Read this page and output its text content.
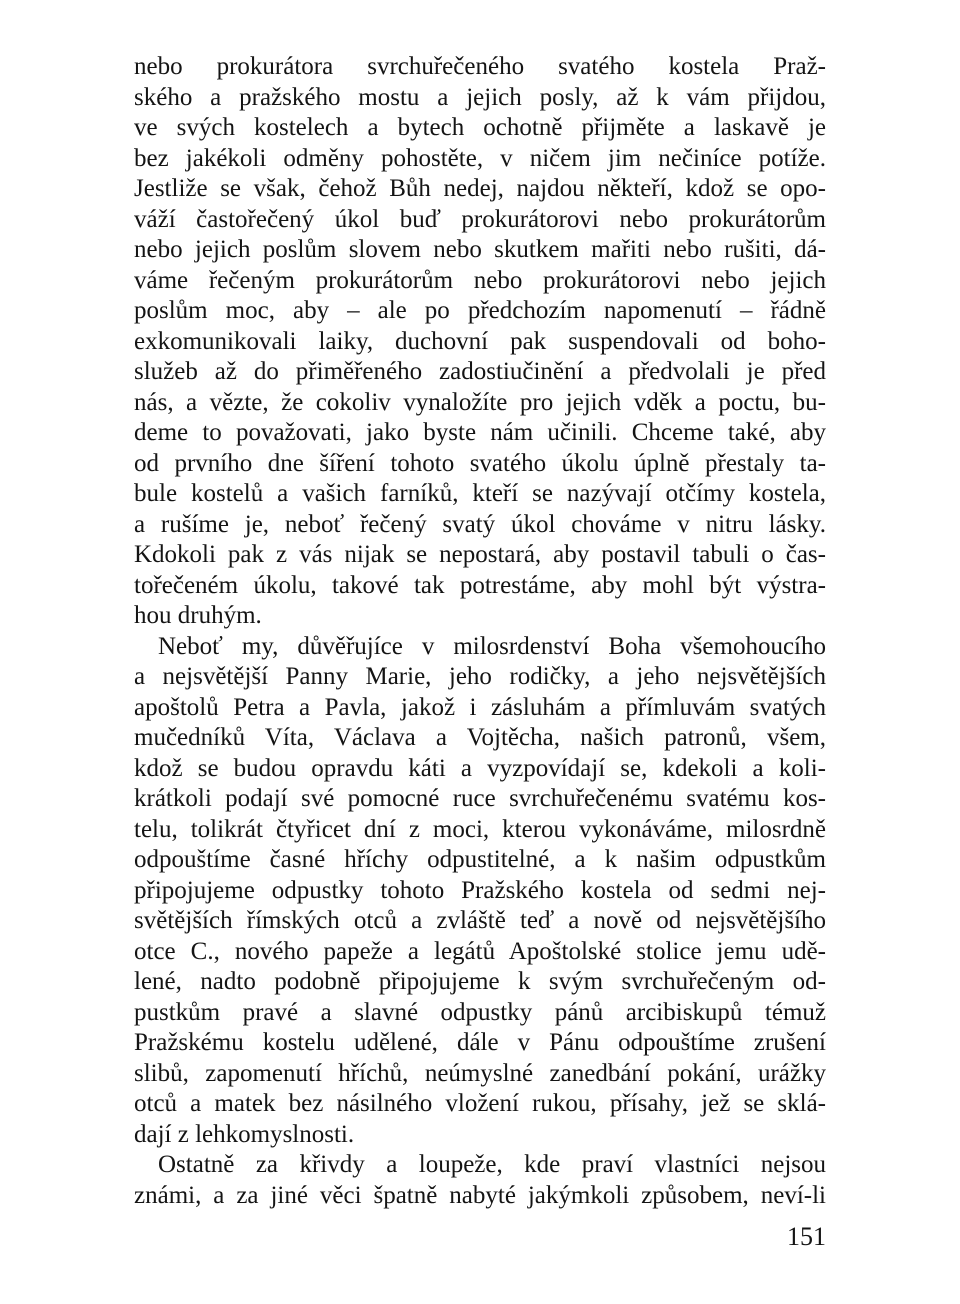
nebo prokurátora svrchuřečeného svatého kostela Praž-
ského a pražského mostu a jejich posly, až k vám přijdou,
ve svých kostelech a bytech ochotně přijměte a laskavě je
bez jakékoli odměny pohostěte, v ničem jim nečiníce potíže.
Jestliže se však, čehož Bůh nedej, najdou někteří, kdož se opo-
váží častořečený úkol buď prokurátorovi nebo prokurátorům
nebo jejich poslům slovem nebo skutkem mařiti nebo rušiti, dá-
váme řečeným prokurátorům nebo prokurátorovi nebo jejich
poslům moc, aby – ale po předchozím napomenutí – řádně
exkomunikovali laiky, duchovní pak suspendovali od boho-
služeb až do přiměřeného zadostiučinění a předvolali je před
nás, a vězte, že cokoliv vynaložíte pro jejich vděk a poctu, bu-
deme to považovati, jako byste nám učinili. Chceme také, aby
od prvního dne šíření tohoto svatého úkolu úplně přestaly ta-
bule kostelů a vašich farníků, kteří se nazývají otčímy kostela,
a rušíme je, neboť řečený svatý úkol chováme v nitru lásky.
Kdokoli pak z vás nijak se nepostará, aby postavil tabuli o čas-
tořečeném úkolu, takové tak potrestáme, aby mohl být výstra-
hou druhým.
Neboť my, důvěřujíce v milosrdenství Boha všemohoucího
a nejsvětější Panny Marie, jeho rodičky, a jeho nejsvětějších
apoštolů Petra a Pavla, jakož i zásluhám a přímluvám svatých
mučedníků Víta, Václava a Vojtěcha, našich patronů, všem,
kdož se budou opravdu káti a vyzpovídají se, kdekoli a koli-
krátkoli podají své pomocné ruce svrchuřečenému svatému kos-
telu, tolikrát čtyřicet dní z moci, kterou vykonáváme, milosrdně
odpouštíme časné hříchy odpustitelné, a k našim odpustkům
připojujeme odpustky tohoto Pražského kostela od sedmi nej-
světějších římských otců a zvláště teď a nově od nejsvětějšího
otce C., nového papeže a legátů Apoštolské stolice jemu udě-
lené, nadto podobně připojujeme k svým svrchuřečeným od-
pustkům pravé a slavné odpustky pánů arcibiskupů témuž
Pražskému kostelu udělené, dále v Pánu odpouštíme zrušení
slibů, zapomenutí hříchů, neúmyslné zanedbání pokání, urážky
otců a matek bez násilného vložení rukou, přísahy, jež se sklá-
dají z lehkomyslnosti.
Ostatně za křivdy a loupeže, kde praví vlastníci nejsou
známi, a za jiné věci špatně nabyté jakýmkoli způsobem, neví-li
151
